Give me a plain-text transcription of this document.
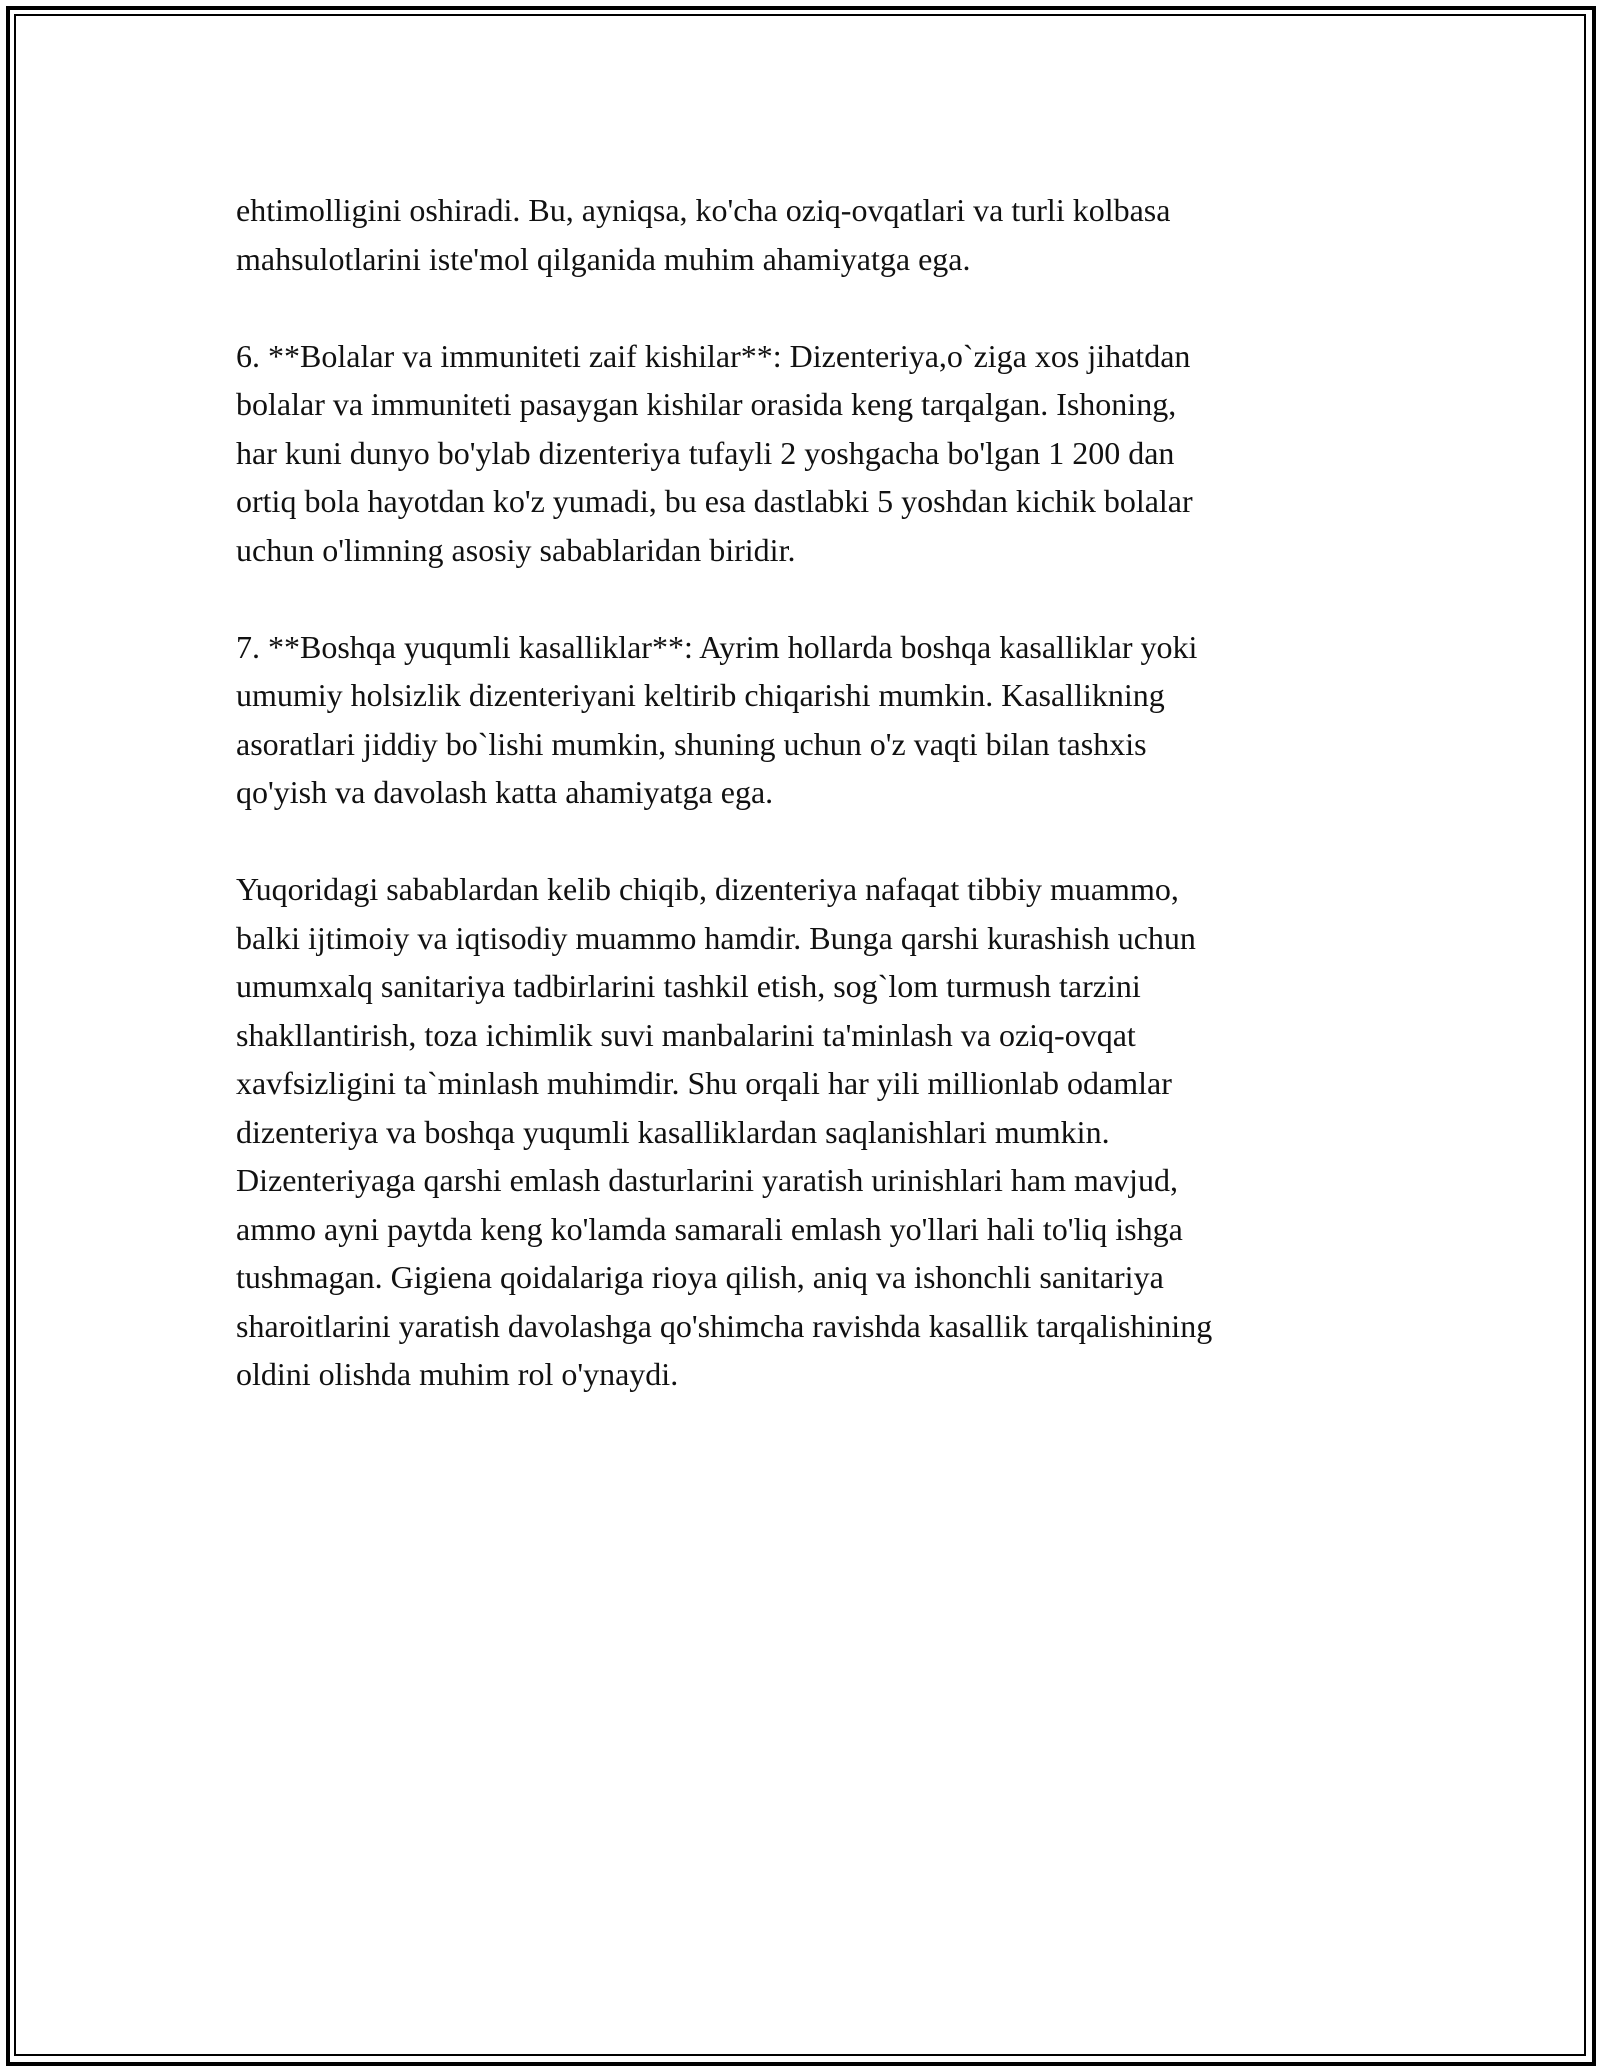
ehtimolligini oshiradi. Bu, ayniqsa, ko'cha oziq-ovqatlari va turli kolbasa
mahsulotlarini iste'mol qilganida muhim ahamiyatga ega.

6. **Bolalar va immuniteti zaif kishilar**: Dizenteriya,o`ziga xos jihatdan
bolalar va immuniteti pasaygan kishilar orasida keng tarqalgan. Ishoning,
har kuni dunyo bo'ylab dizenteriya tufayli 2 yoshgacha bo'lgan 1 200 dan
ortiq bola hayotdan ko'z yumadi, bu esa dastlabki 5 yoshdan kichik bolalar
uchun o'limning asosiy sabablaridan biridir.

7. **Boshqa yuqumli kasalliklar**: Ayrim hollarda boshqa kasalliklar yoki
umumiy holsizlik dizenteriyani keltirib chiqarishi mumkin. Kasallikning
asoratlari jiddiy bo`lishi mumkin, shuning uchun o'z vaqti bilan tashxis
qo'yish va davolash katta ahamiyatga ega.

Yuqoridagi sabablardan kelib chiqib, dizenteriya nafaqat tibbiy muammo,
balki ijtimoiy va iqtisodiy muammo hamdir. Bunga qarshi kurashish uchun
umumxalq sanitariya tadbirlarini tashkil etish, sog`lom turmush tarzini
shakllantirish, toza ichimlik suvi manbalarini ta'minlash va oziq-ovqat
xavfsizligini ta`minlash muhimdir. Shu orqali har yili millionlab odamlar
dizenteriya va boshqa yuqumli kasalliklardan saqlanishlari mumkin.
Dizenteriyaga qarshi emlash dasturlarini yaratish urinishlari ham mavjud,
ammo ayni paytda keng ko'lamda samarali emlash yo'llari hali to'liq ishga
tushmagan. Gigiena qoidalariga rioya qilish, aniq va ishonchli sanitariya
sharoitlarini yaratish davolashga qo'shimcha ravishda kasallik tarqalishining
oldini olishda muhim rol o'ynaydi.
